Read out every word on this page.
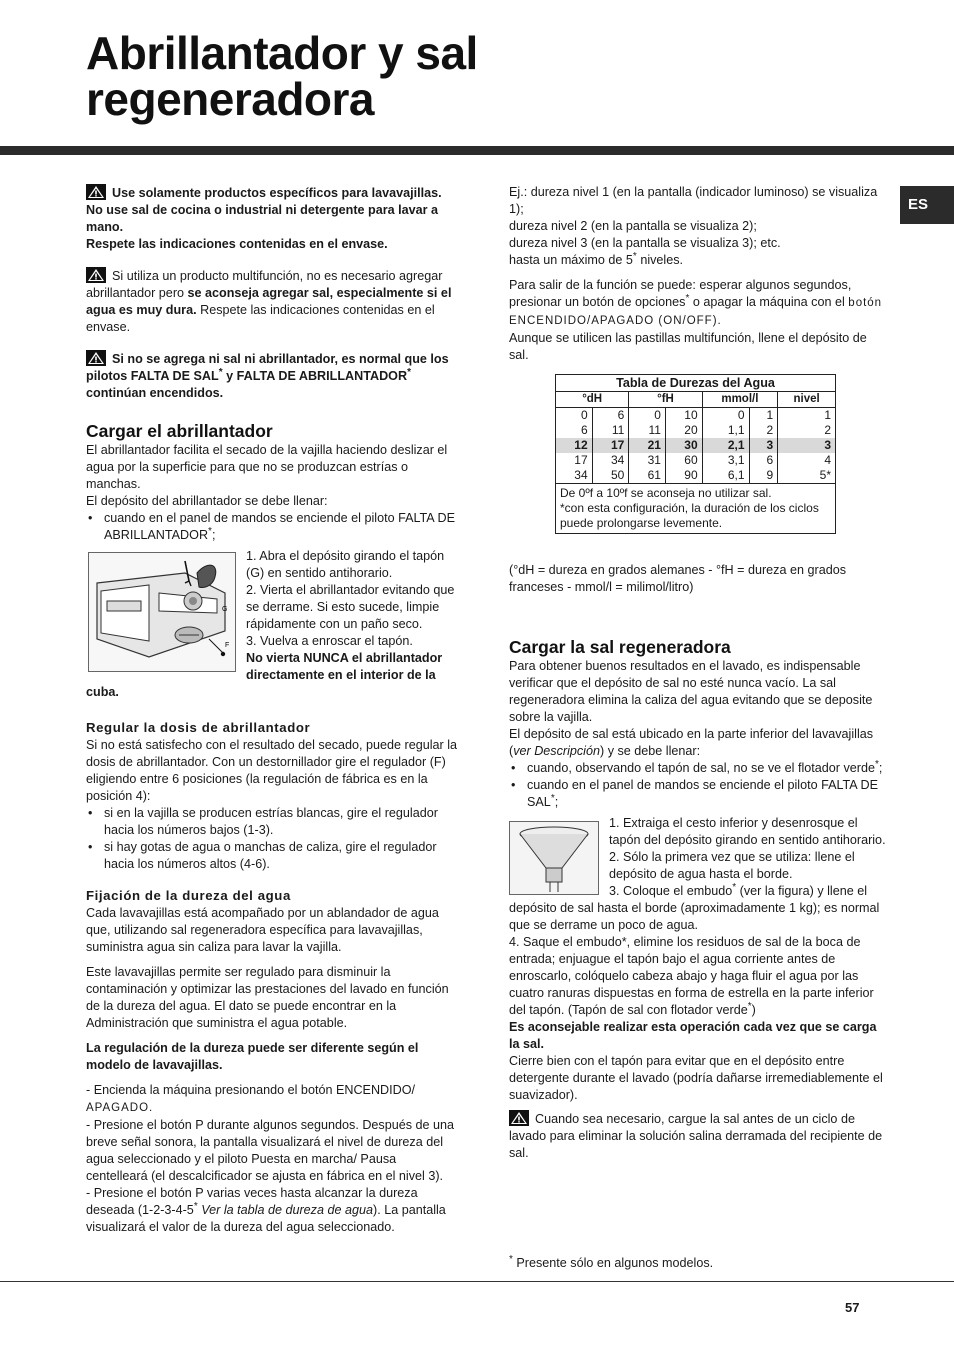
Abrillantador y sal
regeneradora
ES

Use solamente productos específicos para lavavajillas.
No use sal de cocina o industrial ni detergente para lavar a mano.
Respete las indicaciones contenidas en el envase.

Si utiliza un producto multifunción, no es necesario agregar abrillantador pero se aconseja agregar sal, especialmente si el agua es muy dura. Respete las indicaciones contenidas en el envase.

Si no se agrega ni sal ni abrillantador, es normal que los pilotos FALTA DE SAL* y FALTA DE ABRILLANTADOR* continúan encendidos.

Cargar el abrillantador

El abrillantador facilita el secado de la vajilla haciendo deslizar el agua por la superficie para que no se produzcan estrías o manchas.

El depósito del abrillantador se debe llenar:

• cuando en el panel de mandos se enciende el piloto FALTA DE ABRILLANTADOR*;
F
G

1. Abra el depósito girando el tapón (G) en sentido antihorario.

2. Vierta el abrillantador evitando que se derrame. Si esto sucede, limpie rápidamente con un paño seco.

3. Vuelva a enroscar el tapón.

No vierta NUNCA el abrillantador directamente en el interior de la cuba.

Regular la dosis de abrillantador

Si no está satisfecho con el resultado del secado, puede regular la dosis de abrillantador. Con un destornillador gire el regulador (F) eligiendo entre 6 posiciones (la regulación de fábrica es en la posición 4):

• si en la vajilla se producen estrías blancas, gire el regulador hacia los números bajos (1-3).
• si hay gotas de agua o manchas de caliza, gire el regulador hacia los números altos (4-6).
Fijación de la dureza del agua

Cada lavavajillas está acompañado por un ablandador de agua que, utilizando sal regeneradora específica para lavavajillas, suministra agua sin caliza para lavar la vajilla.

Este lavavajillas permite ser regulado para disminuir la contaminación y optimizar las prestaciones del lavado en función de la dureza del agua. El dato se puede encontrar en la Administración que suministra el agua potable.

La regulación de la dureza puede ser diferente según el modelo de lavavajillas.

- Encienda la máquina presionando el botón ENCENDIDO/
APAGADO.

- Presione el botón P durante algunos segundos. Después de una breve señal sonora, la pantalla visualizará el nivel de dureza del agua seleccionado y el piloto Puesta en marcha/ Pausa centelleará (el descalcificador se ajusta en fábrica en el nivel 3).

- Presione el botón P varias veces hasta alcanzar la dureza deseada (1-2-3-4-5* Ver la tabla de dureza de agua). La pantalla visualizará el valor de la dureza del agua seleccionado.

Ej.: dureza nivel 1 (en la pantalla (indicador luminoso) se visualiza 1);

dureza nivel 2 (en la pantalla se visualiza 2);

dureza nivel 3 (en la pantalla se visualiza 3); etc.

hasta un máximo de 5* niveles.

Para salir de la función se puede: esperar algunos segundos, presionar un botón de opciones* o apagar la máquina con el botón ENCENDIDO/APAGADO (ON/OFF).

Aunque se utilicen las pastillas multifunción, llene el depósito de sal.

Tabla de Durezas del Agua						
°dH		°fH		mmol/l		nivel
0	6	0	10	0	1	1
6	11	11	20	1,1	2	2
12	17	21	30	2,1	3	3
17	34	31	60	3,1	6	4
34	50	61	90	6,1	9	5*
De 0ºf a 10ºf se aconseja no utilizar sal.
*con esta configuración, la duración de los ciclos puede prolongarse levemente.						

(°dH = dureza en grados alemanes - °fH = dureza en grados franceses - mmol/l = milimol/litro)

Cargar la sal regeneradora

Para obtener buenos resultados en el lavado, es indispensable verificar que el depósito de sal no esté nunca vacío. La sal regeneradora elimina la caliza del agua evitando que se deposite sobre la vajilla.

El depósito de sal está ubicado en la parte inferior del lavavajillas (ver Descripción) y se debe llenar:

• cuando, observando el tapón de sal, no se ve el flotador verde*;
• cuando en el panel de mandos se enciende el piloto FALTA DE SAL*;

1. Extraiga el cesto inferior y desenrosque el tapón del depósito girando en sentido antihorario.

2. Sólo la primera vez que se utiliza: llene el depósito de agua hasta el borde.

3. Coloque el embudo* (ver la figura) y llene el depósito de sal hasta el borde (aproximadamente 1 kg); es normal que se derrame un poco de agua.

4. Saque el embudo*, elimine los residuos de sal de la boca de entrada; enjuague el tapón bajo el agua corriente antes de enroscarlo, colóquelo cabeza abajo y haga fluir el agua por las cuatro ranuras dispuestas en forma de estrella en la parte inferior del tapón. (Tapón de sal con flotador verde*)

Es aconsejable realizar esta operación cada vez que se carga la sal.

Cierre bien con el tapón para evitar que en el depósito entre detergente durante el lavado (podría dañarse irremediablemente el suavizador).

Cuando sea necesario, cargue la sal antes de un ciclo de lavado para eliminar la solución salina derramada del recipiente de sal.

* Presente sólo en algunos modelos.
57
